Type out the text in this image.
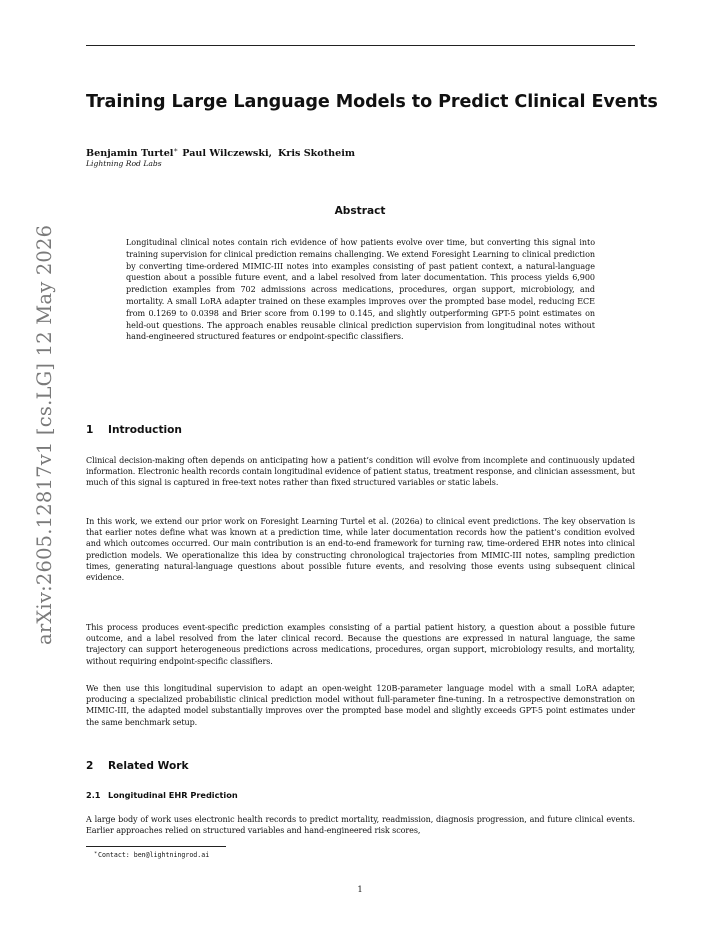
arXiv:2605.12817v1 [cs.LG] 12 May 2026
Training Large Language Models to Predict Clinical Events
Benjamin Turtel∗ Paul Wilczewski, Kris Skotheim
Lightning Rod Labs
Abstract

Longitudinal clinical notes contain rich evidence of how patients evolve over time, but converting this signal into training supervision for clinical prediction remains challenging. We extend Foresight Learning to clinical prediction by converting time-ordered MIMIC-III notes into examples consisting of past patient context, a natural-language question about a possible future event, and a label resolved from later documentation. This process yields 6,900 prediction examples from 702 admissions across medications, procedures, organ support, microbiology, and mortality. A small LoRA adapter trained on these examples improves over the prompted base model, reducing ECE from 0.1269 to 0.0398 and Brier score from 0.199 to 0.145, and slightly outperforming GPT-5 point estimates on held-out questions. The approach enables reusable clinical prediction supervision from longitudinal notes without hand-engineered structured features or endpoint-specific classifiers.

1 Introduction

Clinical decision-making often depends on anticipating how a patient’s condition will evolve from incomplete and continuously updated information. Electronic health records contain longitudinal evidence of patient status, treatment response, and clinician assessment, but much of this signal is captured in free-text notes rather than fixed structured variables or static labels.

In this work, we extend our prior work on Foresight Learning Turtel et al. (2026a) to clinical event predictions. The key observation is that earlier notes define what was known at a prediction time, while later documentation records how the patient’s condition evolved and which outcomes occurred. Our main contribution is an end-to-end framework for turning raw, time-ordered EHR notes into clinical prediction models. We operationalize this idea by constructing chronological trajectories from MIMIC-III notes, sampling prediction times, generating natural-language questions about possible future events, and resolving those events using subsequent clinical evidence.

This process produces event-specific prediction examples consisting of a partial patient history, a question about a possible future outcome, and a label resolved from the later clinical record. Because the questions are expressed in natural language, the same trajectory can support heterogeneous predictions across medications, procedures, organ support, microbiology results, and mortality, without requiring endpoint-specific classifiers.

We then use this longitudinal supervision to adapt an open-weight 120B-parameter language model with a small LoRA adapter, producing a specialized probabilistic clinical prediction model without full-parameter fine-tuning. In a retrospective demonstration on MIMIC-III, the adapted model substantially improves over the prompted base model and slightly exceeds GPT-5 point estimates under the same benchmark setup.

2 Related Work
2.1 Longitudinal EHR Prediction

A large body of work uses electronic health records to predict mortality, readmission, diagnosis progression, and future clinical events. Earlier approaches relied on structured variables and hand-engineered risk scores,

∗Contact: ben@lightningrod.ai
1
